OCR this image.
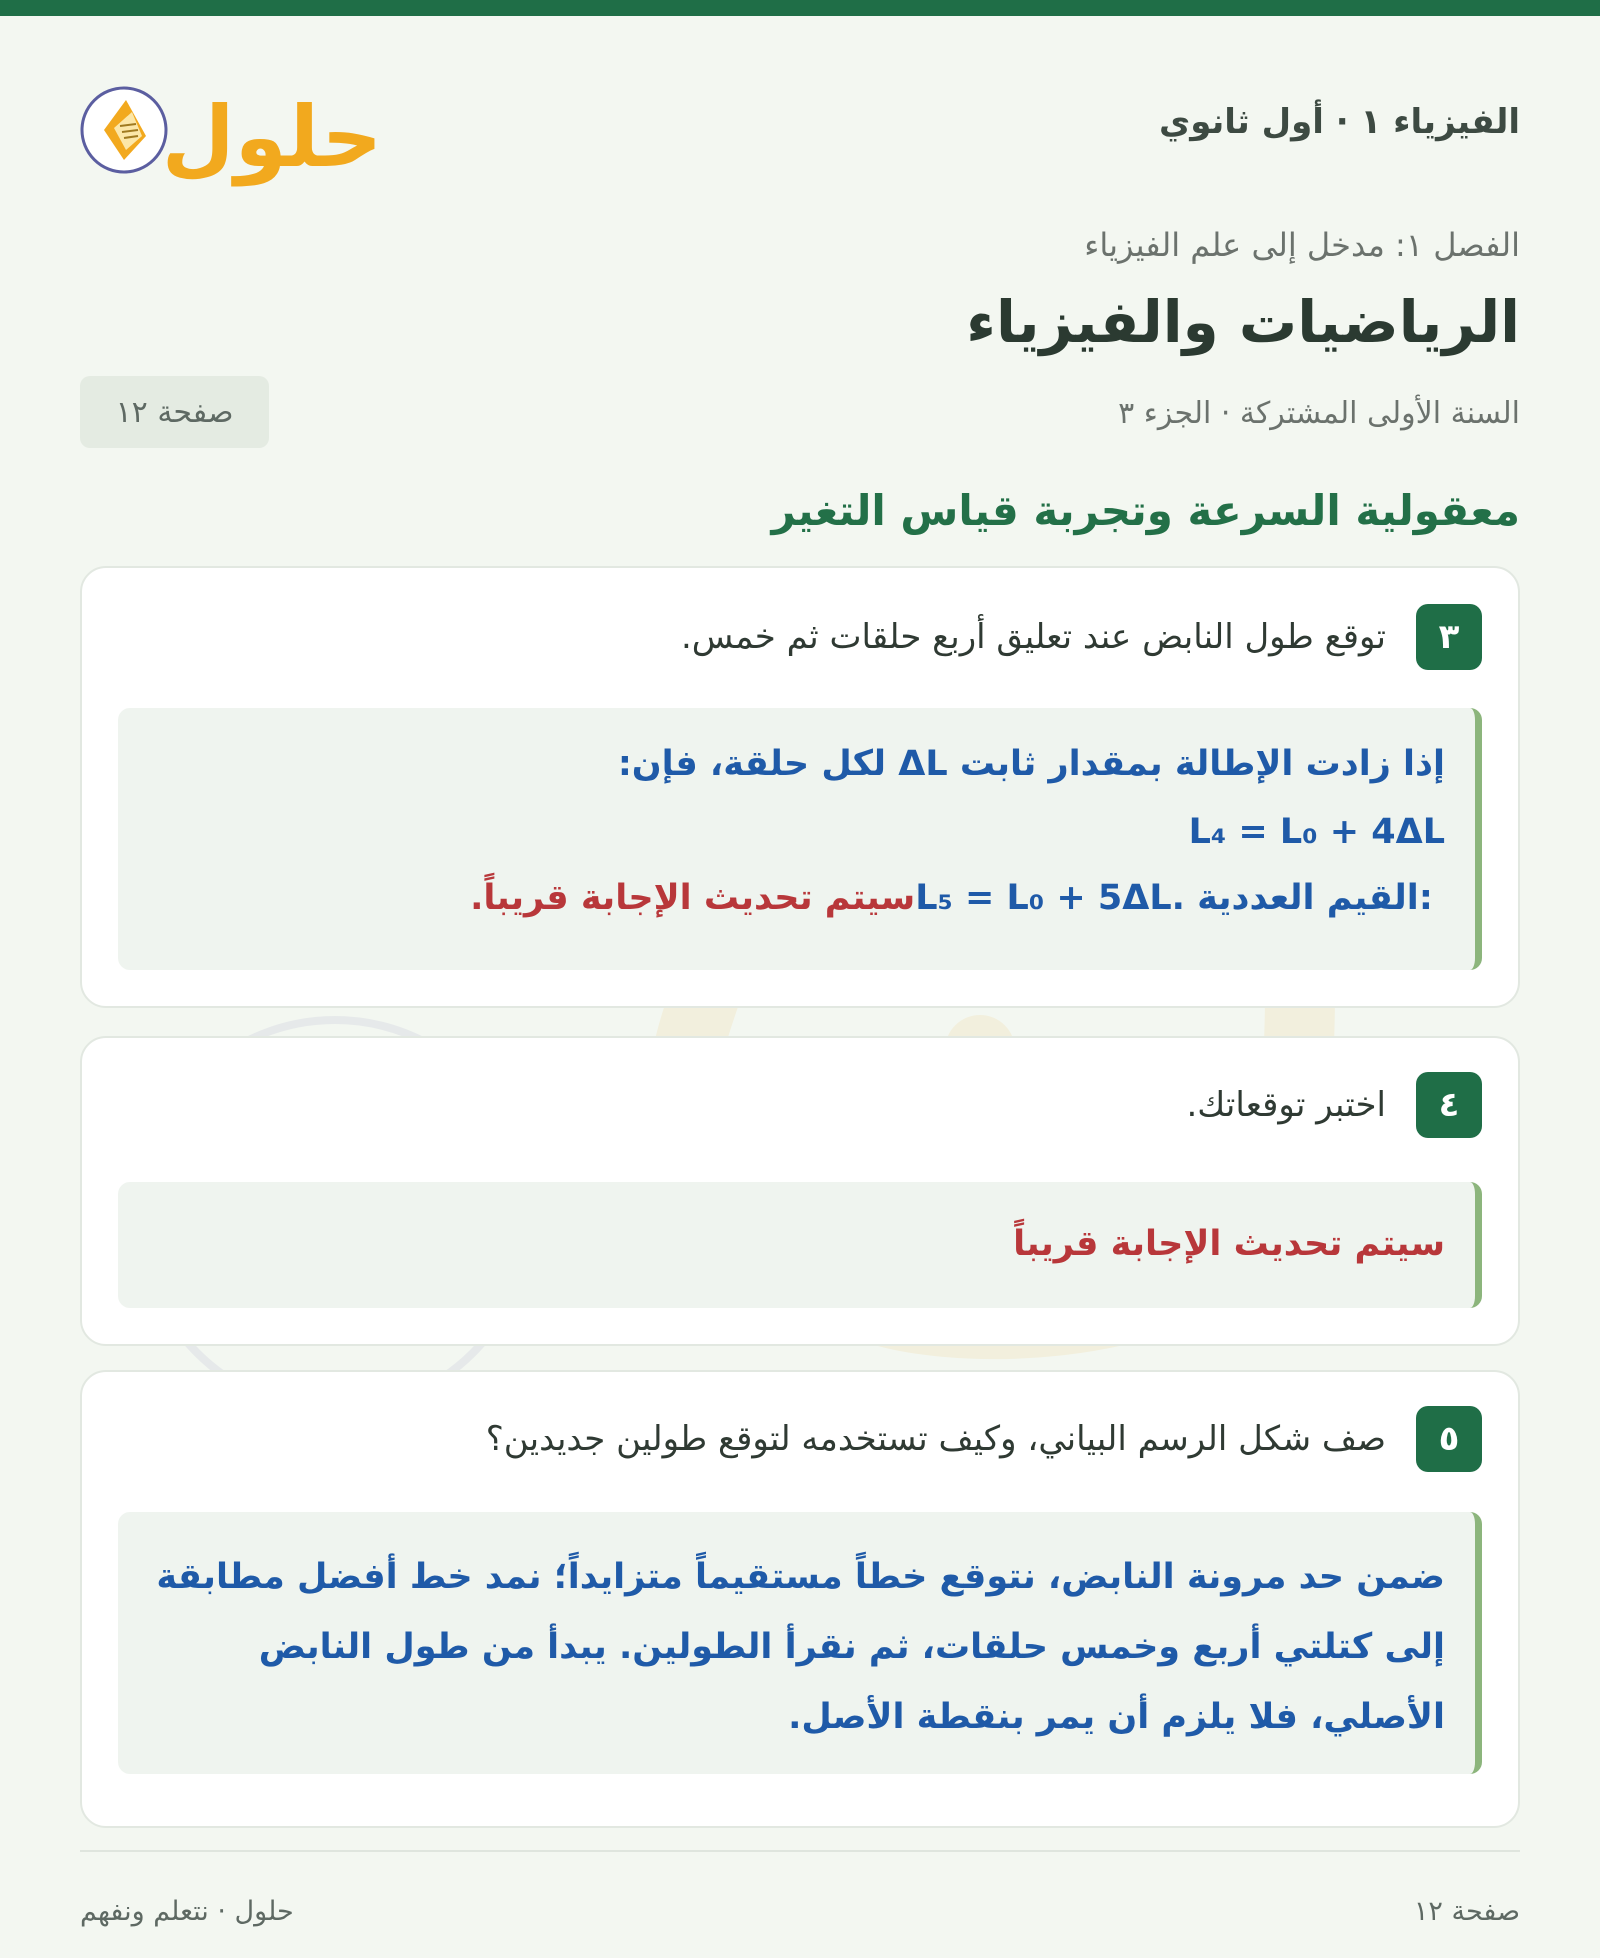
الفيزياء ١ · أول ثانوي
حلول
الفصل ١: مدخل إلى علم الفيزياء
الرياضيات والفيزياء
السنة الأولى المشتركة · الجزء ٣
صفحة ١٢
معقولية السرعة وتجربة قياس التغير
٣
توقع طول النابض عند تعليق أربع حلقات ثم خمس.
إذا زادت الإطالة بمقدار ثابت ΔL لكل حلقة، فإن:
L₄ = L₀ + 4ΔL
L₅ = L₀ + 5ΔL. القيم العددية: سيتم تحديث الإجابة قريباً.
٤
اختبر توقعاتك.
سيتم تحديث الإجابة قريباً
٥
صف شكل الرسم البياني، وكيف تستخدمه لتوقع طولين جديدين؟
ضمن حد مرونة النابض، نتوقع خطاً مستقيماً متزايداً؛ نمد خط أفضل مطابقة إلى كتلتي أربع وخمس حلقات، ثم نقرأ الطولين. يبدأ من طول النابض الأصلي، فلا يلزم أن يمر بنقطة الأصل.
صفحة ١٢
حلول · نتعلم ونفهم
